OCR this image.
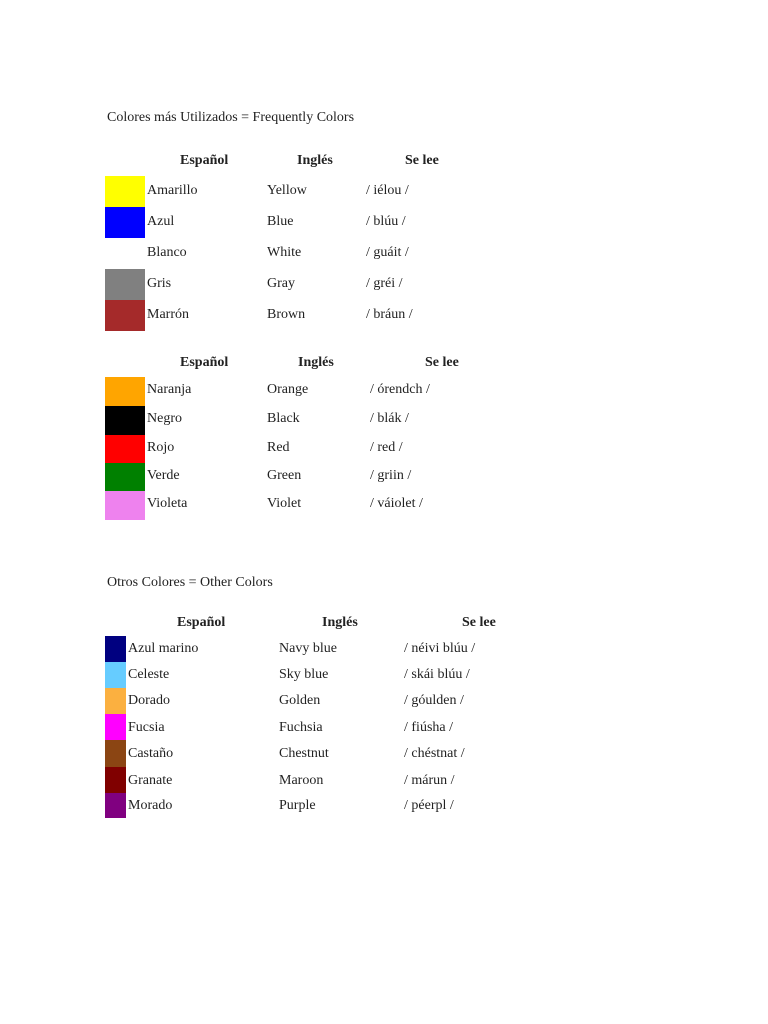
Colores más Utilizados = Frequently Colors
Español	Inglés	Se lee
Amarillo	Yellow	/ iélou /
Azul	Blue	/ blúu /
Blanco	White	/ guáit /
Gris	Gray	/ gréi /
Marrón	Brown	/ bráun /
Español	Inglés	Se lee
Naranja	Orange	/ órendch /
Negro	Black	/ blák /
Rojo	Red	/ red /
Verde	Green	/ griin /
Violeta	Violet	/ váiolet /
Otros Colores = Other Colors
Español	Inglés	Se lee
Azul marino	Navy blue	/ néivi blúu /
Celeste	Sky blue	/ skái blúu /
Dorado	Golden	/ góulden /
Fucsia	Fuchsia	/ fiúsha /
Castaño	Chestnut	/ chéstnat /
Granate	Maroon	/ márun /
Morado	Purple	/ péerpl /
